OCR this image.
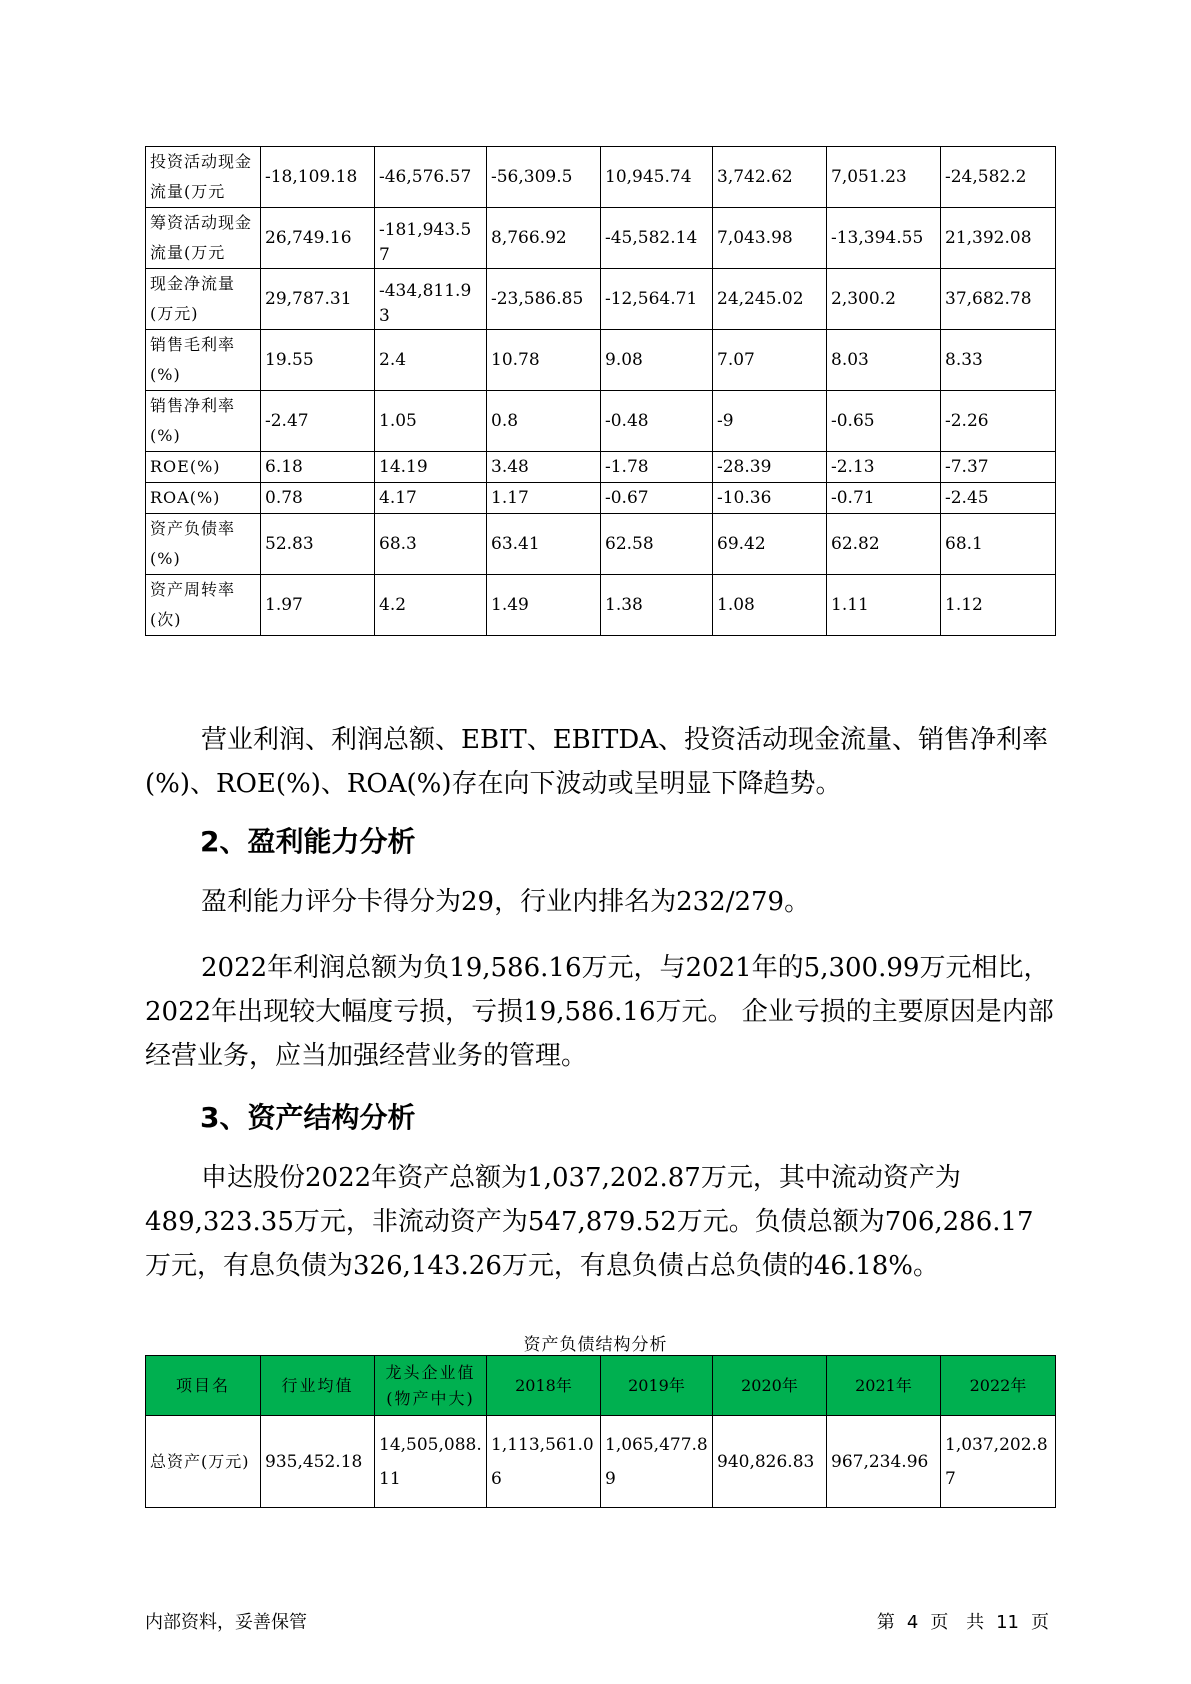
投资活动现金流量(万元	-18,109.18	-46,576.57	-56,309.5	10,945.74	3,742.62	7,051.23	-24,582.2
筹资活动现金流量(万元	26,749.16	-181,943.57	8,766.92	-45,582.14	7,043.98	-13,394.55	21,392.08
现金净流量(万元)	29,787.31	-434,811.93	-23,586.85	-12,564.71	24,245.02	2,300.2	37,682.78
销售毛利率(%)	19.55	2.4	10.78	9.08	7.07	8.03	8.33
销售净利率(%)	-2.47	1.05	0.8	-0.48	-9	-0.65	-2.26
ROE(%)	6.18	14.19	3.48	-1.78	-28.39	-2.13	-7.37
ROA(%)	0.78	4.17	1.17	-0.67	-10.36	-0.71	-2.45
资产负债率(%)	52.83	68.3	63.41	62.58	69.42	62.82	68.1
资产周转率(次)	1.97	4.2	1.49	1.38	1.08	1.11	1.12
营业利润、利润总额、EBIT、EBITDA、投资活动现金流量、销售净利率(%)、ROE(%)、ROA(%)存在向下波动或呈明显下降趋势。
2、盈利能力分析
盈利能力评分卡得分为29，行业内排名为232/279。
2022年利润总额为负19,586.16万元，与2021年的5,300.99万元相比，2022年出现较大幅度亏损，亏损19,586.16万元。 企业亏损的主要原因是内部经营业务，应当加强经营业务的管理。
3、资产结构分析
申达股份2022年资产总额为1,037,202.87万元，其中流动资产为489,323.35万元，非流动资产为547,879.52万元。负债总额为706,286.17万元，有息负债为326,143.26万元，有息负债占总负债的46.18%。
资产负债结构分析
项目名	行业均值	龙头企业值(物产中大)	2018年	2019年	2020年	2021年	2022年
总资产(万元)	935,452.18	14,505,088.11	1,113,561.06	1,065,477.89	940,826.83	967,234.96	1,037,202.87
内部资料，妥善保管	第 4 页 共 11 页
